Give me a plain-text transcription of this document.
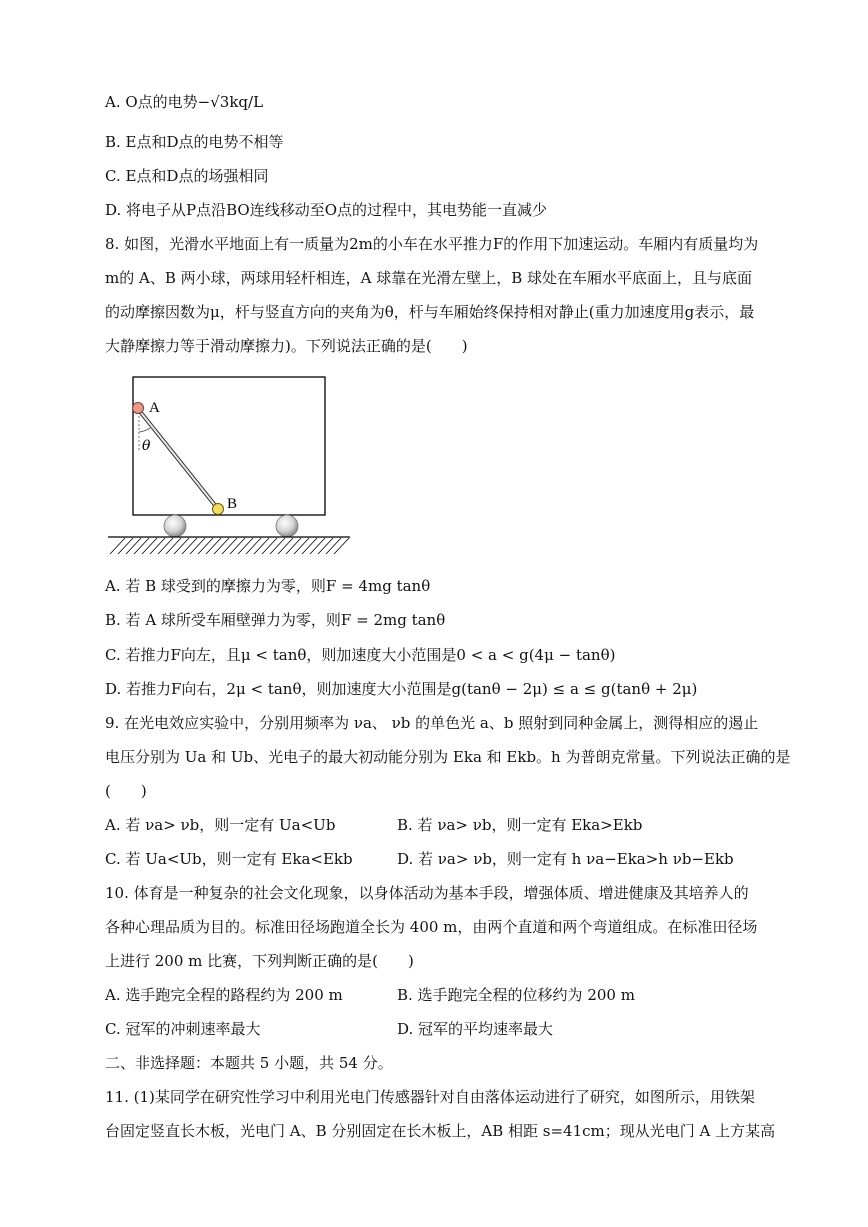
A. O点的电势−√3kq/L
B. E点和D点的电势不相等
C. E点和D点的场强相同
D. 将电子从P点沿BO连线移动至O点的过程中，其电势能一直减少
8. 如图，光滑水平地面上有一质量为2m的小车在水平推力F的作用下加速运动。车厢内有质量均为
m的 A、B 两小球，两球用轻杆相连，A 球靠在光滑左壁上，B 球处在车厢水平底面上，且与底面
的动摩擦因数为μ，杆与竖直方向的夹角为θ，杆与车厢始终保持相对静止(重力加速度用g表示，最
大静摩擦力等于滑动摩擦力)。下列说法正确的是(　　)
A
B
θ
A. 若 B 球受到的摩擦力为零，则F = 4mg tanθ
B. 若 A 球所受车厢壁弹力为零，则F = 2mg tanθ
C. 若推力F向左，且μ < tanθ，则加速度大小范围是0 < a < g(4μ − tanθ)
D. 若推力F向右，2μ < tanθ，则加速度大小范围是g(tanθ − 2μ) ≤ a ≤ g(tanθ + 2μ)
9. 在光电效应实验中，分别用频率为 νa、 νb 的单色光 a、b 照射到同种金属上，测得相应的遏止
电压分别为 Ua 和 Ub、光电子的最大初动能分别为 Eka 和 Ekb。h 为普朗克常量。下列说法正确的是
(　　)
A. 若 νa> νb，则一定有 Ua<Ub	B. 若 νa> νb，则一定有 Eka>Ekb
C. 若 Ua<Ub，则一定有 Eka<Ekb	D. 若 νa> νb，则一定有 h νa−Eka>h νb−Ekb
10. 体育是一种复杂的社会文化现象，以身体活动为基本手段，增强体质、增进健康及其培养人的
各种心理品质为目的。标准田径场跑道全长为 400 m，由两个直道和两个弯道组成。在标准田径场
上进行 200 m 比赛，下列判断正确的是(　　)
A. 选手跑完全程的路程约为 200 m	B. 选手跑完全程的位移约为 200 m
C. 冠军的冲刺速率最大	D. 冠军的平均速率最大
二、非选择题：本题共 5 小题，共 54 分。
11. (1)某同学在研究性学习中利用光电门传感器针对自由落体运动进行了研究，如图所示，用铁架
台固定竖直长木板，光电门 A、B 分别固定在长木板上，AB 相距 s=41cm；现从光电门 A 上方某高
